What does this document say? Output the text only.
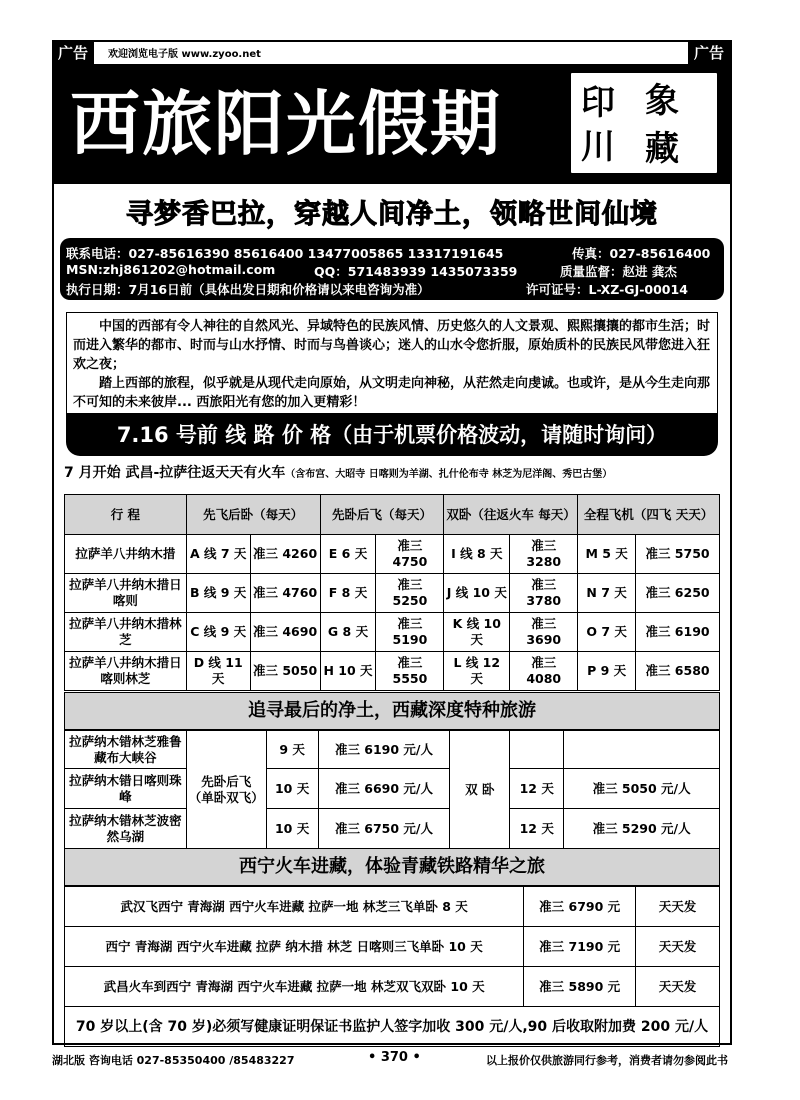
广告	欢迎浏览电子版 www.zyoo.net	广告
西旅阳光假期 印 象
川 藏
寻梦香巴拉，穿越人间净土，领略世间仙境
联系电话：027-85616390 85616400 13477005865 13317191645	传真：027-85616400
MSN:zhj861202@hotmail.com	QQ：571483939 1435073359	质量监督：赵进 龚杰
执行日期：7月16日前（具体出发日期和价格请以来电咨询为准）	许可证号：L-XZ-GJ-00014

中国的西部有令人神往的自然风光、异域特色的民族风情、历史悠久的人文景观、熙熙攘攘的都市生活；时而进入繁华的都市、时而与山水抒情、时而与鸟兽谈心；迷人的山水令您折服，原始质朴的民族民风带您进入狂欢之夜；

踏上西部的旅程，似乎就是从现代走向原始，从文明走向神秘，从茫然走向虔诚。也或许，是从今生走向那不可知的未来彼岸... 西旅阳光有您的加入更精彩！

7.16 号前 线 路 价 格（由于机票价格波动，请随时询问）
7 月开始 武昌-拉萨往返天天有火车（含布宫、大昭寺 日喀则为羊湖、扎什伦布寺 林芝为尼洋阁、秀巴古堡）
行 程	先飞后卧（每天）		先卧后飞（每天）		双卧（往返火车 每天）		全程飞机（四飞 天天）	
拉萨羊八井纳木措	A 线 7 天	准三 4260	E 6 天	准三 4750	I 线 8 天	准三 3280	M 5 天	准三 5750
拉萨羊八井纳木措日喀则	B 线 9 天	准三 4760	F 8 天	准三 5250	J 线 10 天	准三 3780	N 7 天	准三 6250
拉萨羊八井纳木措林芝	C 线 9 天	准三 4690	G 8 天	准三 5190	K 线 10 天	准三 3690	O 7 天	准三 6190
拉萨羊八井纳木措日喀则林芝	D 线 11 天	准三 5050	H 10 天	准三 5550	L 线 12 天	准三 4080	P 9 天	准三 6580
追寻最后的净土，西藏深度特种旅游
拉萨纳木错林芝雅鲁藏布大峡谷	先卧后飞（单卧双飞）	9 天	准三 6190 元/人	双 卧		
拉萨纳木错日喀则珠峰		10 天	准三 6690 元/人		12 天	准三 5050 元/人
拉萨纳木错林芝波密 然乌湖		10 天	准三 6750 元/人		12 天	准三 5290 元/人
西宁火车进藏，体验青藏铁路精华之旅
武汉飞西宁 青海湖 西宁火车进藏 拉萨一地 林芝三飞单卧 8 天	准三 6790 元	天天发
西宁 青海湖 西宁火车进藏 拉萨 纳木措 林芝 日喀则三飞单卧 10 天	准三 7190 元	天天发
武昌火车到西宁 青海湖 西宁火车进藏 拉萨一地 林芝双飞双卧 10 天	准三 5890 元	天天发
70 岁以上(含 70 岁)必须写健康证明保证书监护人签字加收 300 元/人,90 后收取附加费 200 元/人		
湖北版 咨询电话 027-85350400 /85483227	• 370 •	以上报价仅供旅游同行参考，消费者请勿参阅此书
